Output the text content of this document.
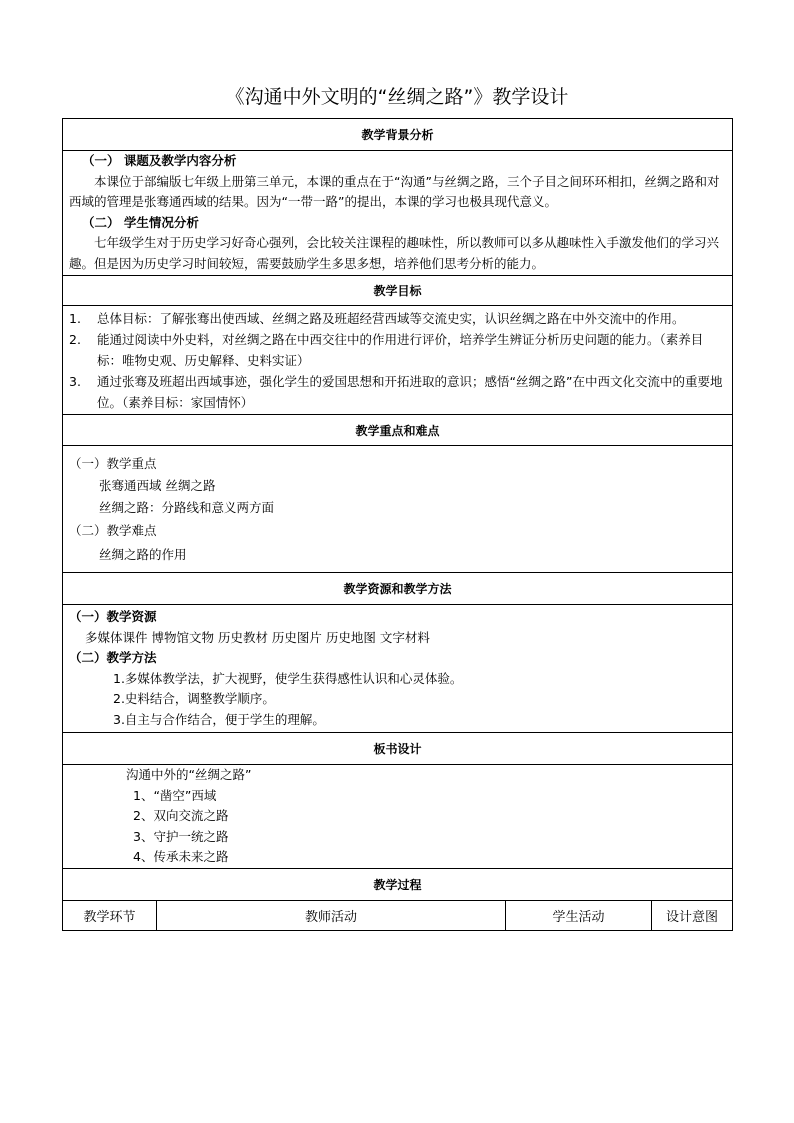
《沟通中外文明的“丝绸之路”》教学设计
教学背景分析

（一） 课题及教学内容分析
本课位于部编版七年级上册第三单元，本课的重点在于“沟通”与丝绸之路，三个子目之间环环相扣，丝绸之路和对西域的管理是张骞通西域的结果。因为“一带一路”的提出，本课的学习也极具现代意义。
（二） 学生情况分析
七年级学生对于历史学习好奇心强列，会比较关注课程的趣味性，所以教师可以多从趣味性入手激发他们的学习兴趣。但是因为历史学习时间较短，需要鼓励学生多思多想，培养他们思考分析的能力。

教学目标

1.	总体目标：了解张骞出使西域、丝绸之路及班超经营西域等交流史实，认识丝绸之路在中外交流中的作用。
2.	能通过阅读中外史料，对丝绸之路在中西交往中的作用进行评价，培养学生辨证分析历史问题的能力。（素养目标：唯物史观、历史解释、史料实证）
3.	通过张骞及班超出西域事迹，强化学生的爱国思想和开拓进取的意识；感悟“丝绸之路”在中西文化交流中的重要地位。（素养目标：家国情怀）

教学重点和难点

（一）教学重点
张骞通西域 丝绸之路
丝绸之路：分路线和意义两方面
（二）教学难点
丝绸之路的作用

教学资源和教学方法

（一）教学资源
多媒体课件 博物馆文物 历史教材 历史图片 历史地图 文字材料
（二）教学方法
1.多媒体教学法，扩大视野，使学生获得感性认识和心灵体验。
2.史料结合，调整教学顺序。
3.自主与合作结合，便于学生的理解。

板书设计

沟通中外的“丝绸之路”
1、“凿空”西域
2、双向交流之路
3、守护一统之路
4、传承未来之路

教学过程
教学环节	教师活动	学生活动	设计意图
